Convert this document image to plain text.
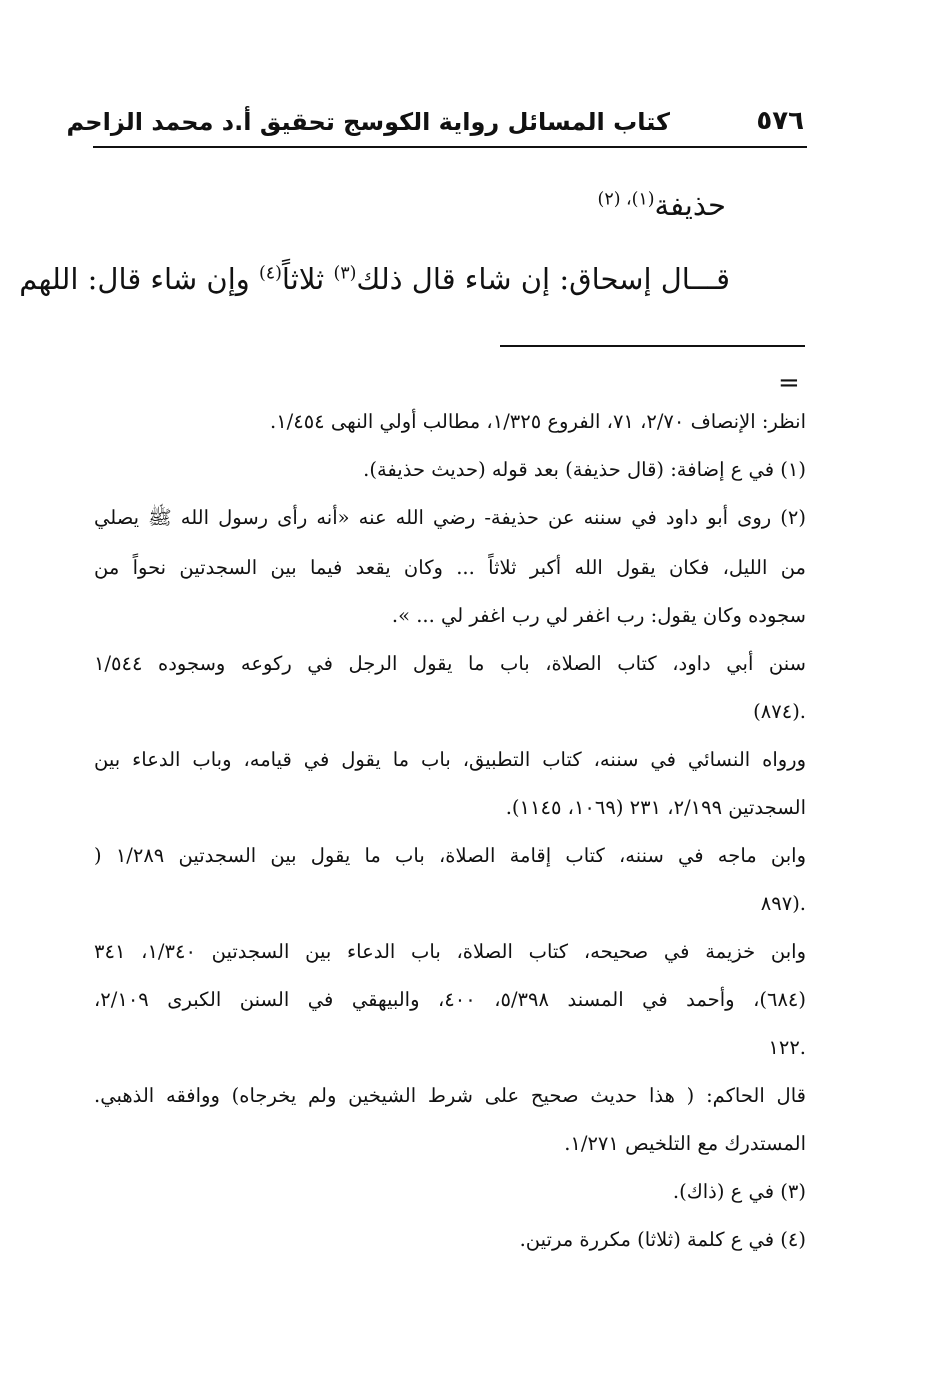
٥٧٦
كتاب المسائل رواية الكوسج تحقيق أ.د محمد الزاحم
حذيفة$^{(١)، (٢)}$
قـــال إسحاق: إن شاء قال ذلك$^{(٣)}$ ثلاثاً$^{(٤)}$ وإن شاء قال: اللهم
=
انظر: الإنصاف ٢/٧٠، ٧١، الفروع ١/٣٢٥، مطالب أولي النهى ١/٤٥٤.
(١) في ع إضافة: (قال حذيفة) بعد قوله (حديث حذيفة).
(٢) روى أبو داود في سننه عن حذيفة- رضي الله عنه «أنه رأى رسول الله ﷺ يصلي
من الليل، فكان يقول الله أكبر ثلاثاً ... وكان يقعد فيما بين السجدتين نحواً من
سجوده وكان يقول: رب اغفر لي رب اغفر لي ... ».
سنن أبي داود، كتاب الصلاة، باب ما يقول الرجل في ركوعه وسجوده ١/٥٤٤
(٨٧٤).
ورواه النسائي في سننه، كتاب التطبيق، باب ما يقول في قيامه، وباب الدعاء بين
السجدتين ٢/١٩٩، ٢٣١ (١٠٦٩، ١١٤٥).
وابن ماجه في سننه، كتاب إقامة الصلاة، باب ما يقول بين السجدتين ١/٢٨٩ (
٨٩٧).
وابن خزيمة في صحيحه، كتاب الصلاة، باب الدعاء بين السجدتين ١/٣٤٠، ٣٤١
(٦٨٤)، وأحمد في المسند ٥/٣٩٨، ٤٠٠، والبيهقي في السنن الكبرى ٢/١٠٩،
١٢٢.
قال الحاكم: ( هذا حديث صحيح على شرط الشيخين ولم يخرجاه) ووافقه الذهبي.
المستدرك مع التلخيص ١/٢٧١.
(٣) في ع (ذاك).
(٤) في ع كلمة (ثلاثا) مكررة مرتين.
